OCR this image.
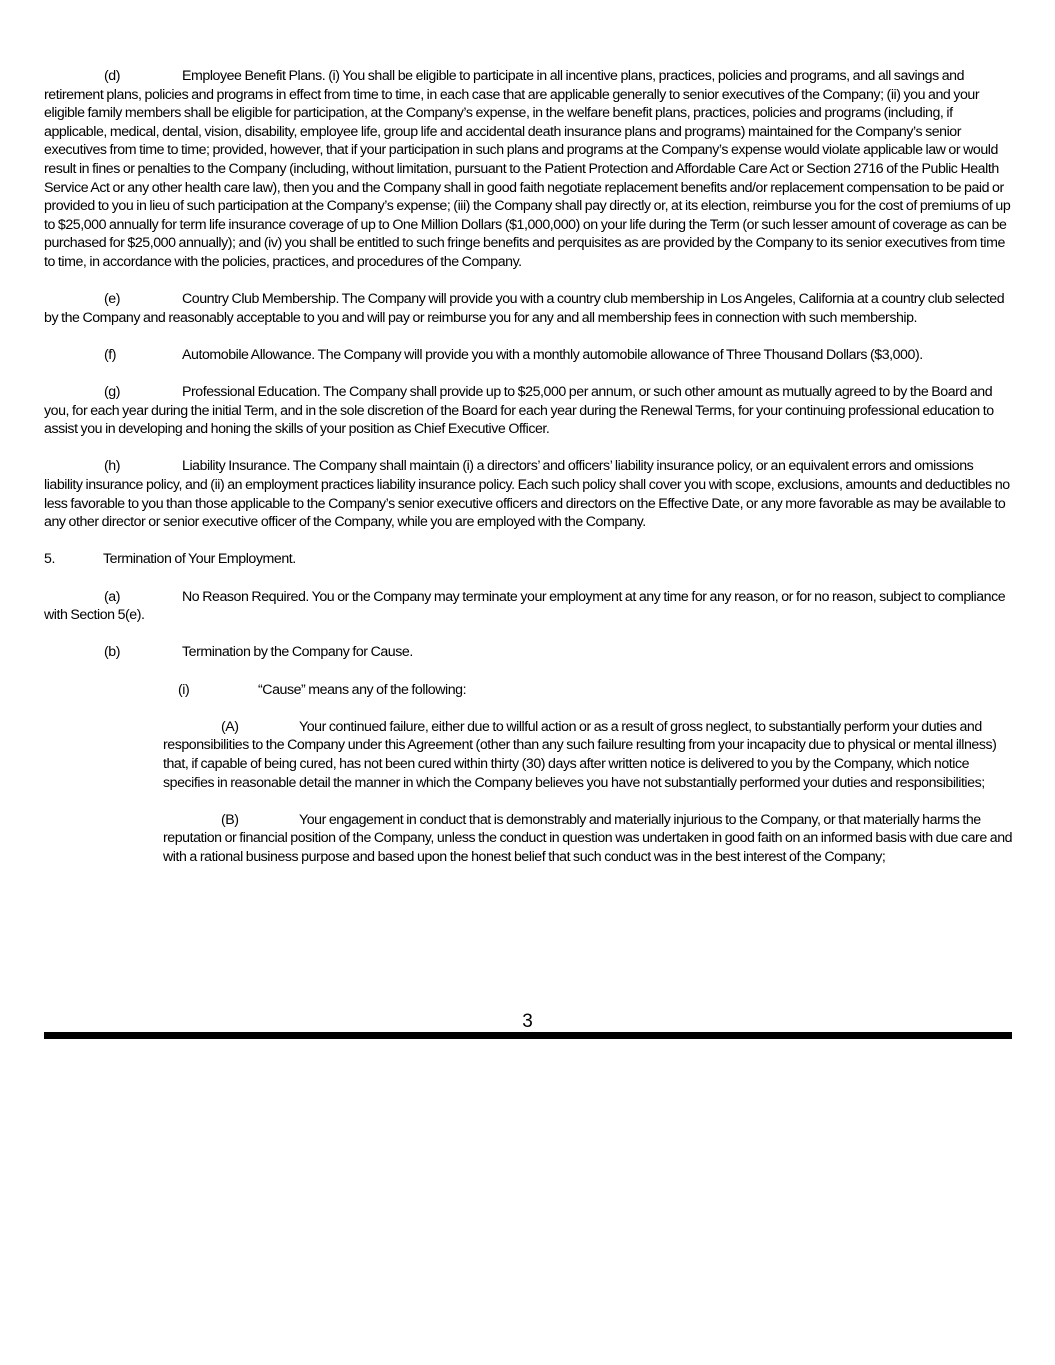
(d)	Employee Benefit Plans. (i) You shall be eligible to participate in all incentive plans, practices, policies and programs, and all savings and retirement plans, policies and programs in effect from time to time, in each case that are applicable generally to senior executives of the Company; (ii) you and your eligible family members shall be eligible for participation, at the Company’s expense, in the welfare benefit plans, practices, policies and programs (including, if applicable, medical, dental, vision, disability, employee life, group life and accidental death insurance plans and programs) maintained for the Company’s senior executives from time to time; provided, however, that if your participation in such plans and programs at the Company’s expense would violate applicable law or would result in fines or penalties to the Company (including, without limitation, pursuant to the Patient Protection and Affordable Care Act or Section 2716 of the Public Health Service Act or any other health care law), then you and the Company shall in good faith negotiate replacement benefits and/or replacement compensation to be paid or provided to you in lieu of such participation at the Company’s expense; (iii) the Company shall pay directly or, at its election, reimburse you for the cost of premiums of up to $25,000 annually for term life insurance coverage of up to One Million Dollars ($1,000,000) on your life during the Term (or such lesser amount of coverage as can be purchased for $25,000 annually); and (iv) you shall be entitled to such fringe benefits and perquisites as are provided by the Company to its senior executives from time to time, in accordance with the policies, practices, and procedures of the Company.

(e)	Country Club Membership. The Company will provide you with a country club membership in Los Angeles, California at a country club selected by the Company and reasonably acceptable to you and will pay or reimburse you for any and all membership fees in connection with such membership.

(f)	Automobile Allowance. The Company will provide you with a monthly automobile allowance of Three Thousand Dollars ($3,000).

(g)	Professional Education. The Company shall provide up to $25,000 per annum, or such other amount as mutually agreed to by the Board and you, for each year during the initial Term, and in the sole discretion of the Board for each year during the Renewal Terms, for your continuing professional education to assist you in developing and honing the skills of your position as Chief Executive Officer.

(h)	Liability Insurance. The Company shall maintain (i) a directors’ and officers’ liability insurance policy, or an equivalent errors and omissions liability insurance policy, and (ii) an employment practices liability insurance policy. Each such policy shall cover you with scope, exclusions, amounts and deductibles no less favorable to you than those applicable to the Company’s senior executive officers and directors on the Effective Date, or any more favorable as may be available to any other director or senior executive officer of the Company, while you are employed with the Company.

5.	Termination of Your Employment.

(a)	No Reason Required. You or the Company may terminate your employment at any time for any reason, or for no reason, subject to compliance with Section 5(e).

(b)	Termination by the Company for Cause.

(i)	“Cause” means any of the following:

(A)	Your continued failure, either due to willful action or as a result of gross neglect, to substantially perform your duties and responsibilities to the Company under this Agreement (other than any such failure resulting from your incapacity due to physical or mental illness) that, if capable of being cured, has not been cured within thirty (30) days after written notice is delivered to you by the Company, which notice specifies in reasonable detail the manner in which the Company believes you have not substantially performed your duties and responsibilities;

(B)	Your engagement in conduct that is demonstrably and materially injurious to the Company, or that materially harms the reputation or financial position of the Company, unless the conduct in question was undertaken in good faith on an informed basis with due care and with a rational business purpose and based upon the honest belief that such conduct was in the best interest of the Company;

3
